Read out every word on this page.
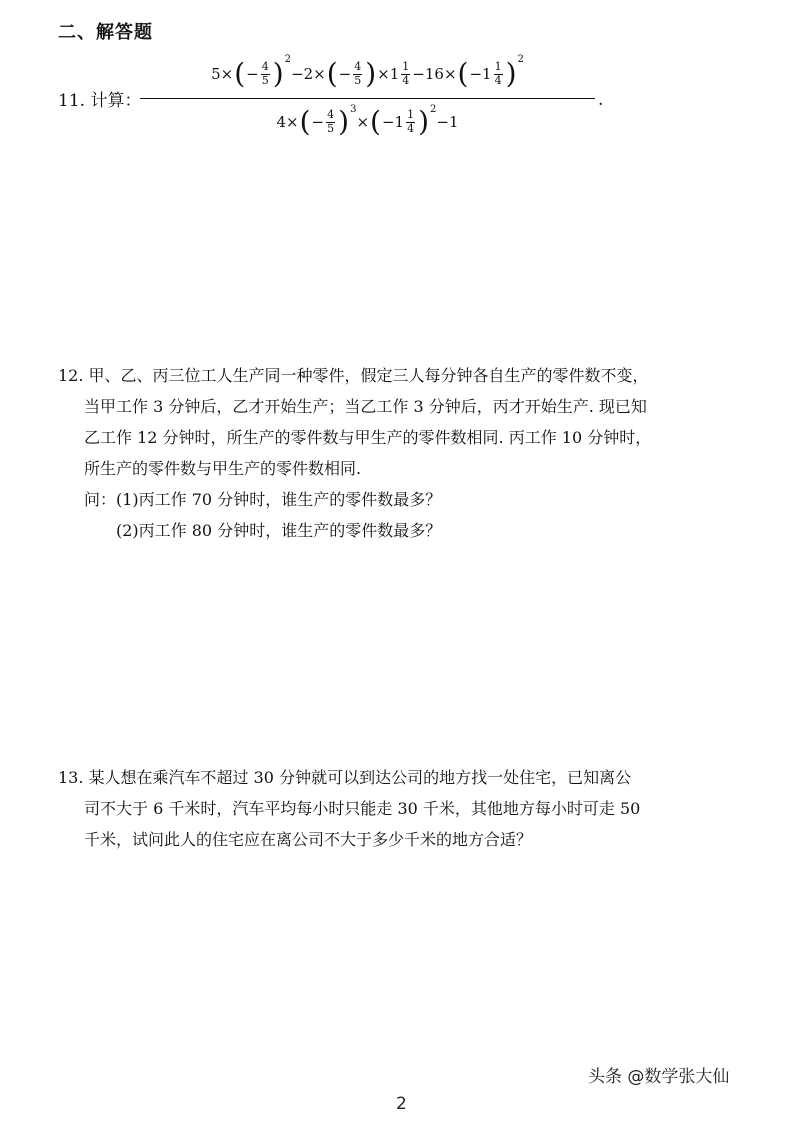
二、解答题
11. 计算：
5× ( − 4
5 ) 2
−2× ( − 4
5 ) ×1 1
4 −16× ( −1 1
4 ) 2
4× ( − 4
5 ) 3
× ( −1 1
4 ) 2
−1
.
12. 甲、乙、丙三位工人生产同一种零件，假定三人每分钟各自生产的零件数不变，
当甲工作 3 分钟后，乙才开始生产；当乙工作 3 分钟后，丙才开始生产. 现已知
乙工作 12 分钟时，所生产的零件数与甲生产的零件数相同. 丙工作 10 分钟时，
所生产的零件数与甲生产的零件数相同.
问：(1)丙工作 70 分钟时，谁生产的零件数最多？
(2)丙工作 80 分钟时，谁生产的零件数最多？
13. 某人想在乘汽车不超过 30 分钟就可以到达公司的地方找一处住宅，已知离公
司不大于 6 千米时，汽车平均每小时只能走 30 千米，其他地方每小时可走 50
千米，试问此人的住宅应在离公司不大于多少千米的地方合适？
头条 @数学张大仙
2
